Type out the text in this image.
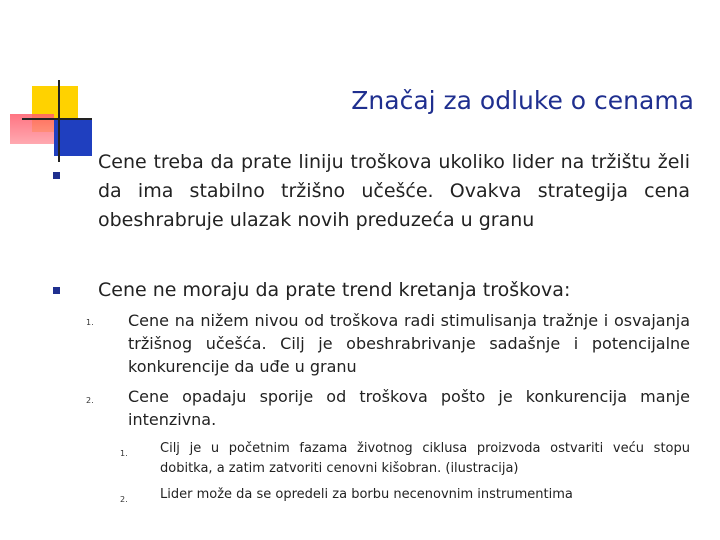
Značaj za odluke o cenama

Cene treba da prate liniju troškova ukoliko lider na tržištu želi da ima stabilno tržišno učešće. Ovakva strategija cena obeshrabruje ulazak novih preduzeća u granu

Cene ne moraju da prate trend kretanja troškova:

1. Cene na nižem nivou od troškova radi stimulisanja tražnje i osvajanja tržišnog učešća. Cilj je obeshrabrivanje sadašnje i potencijalne konkurencije da uđe u granu

2. Cene opadaju sporije od troškova pošto je konkurencija manje intenzivna.

1. Cilj je u početnim fazama životnog ciklusa proizvoda ostvariti veću stopu dobitka, a zatim zatvoriti cenovni kišobran. (ilustracija)

2. Lider može da se opredeli za borbu necenovnim instrumentima
